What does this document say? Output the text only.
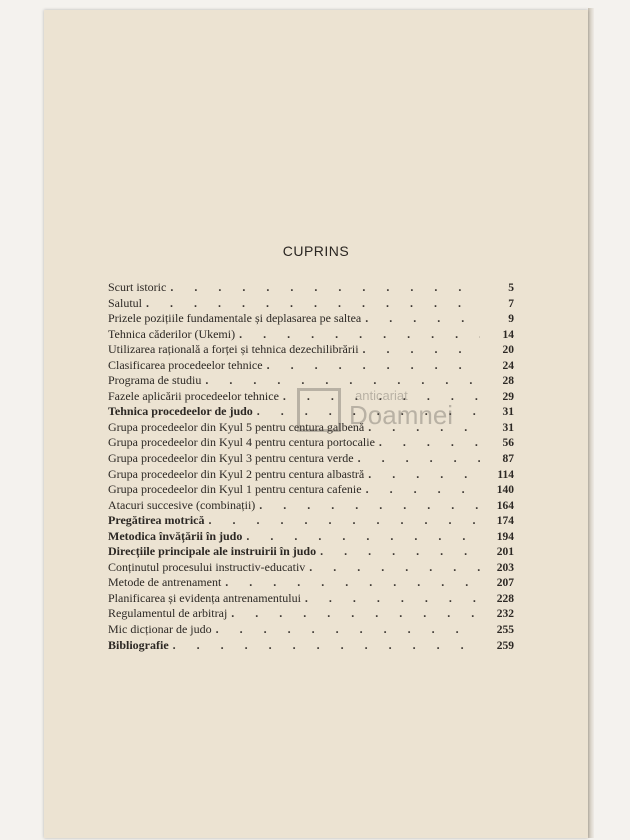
CUPRINS
Scurt istoric . . .	5
Salutul . . .	7
Prizele pozițiile fundamentale și deplasarea pe saltea . . .	9
Tehnica căderilor (Ukemi) . . .	14
Utilizarea rațională a forței și tehnica dezechilibrării . . .	20
Clasificarea procedeelor tehnice . . .	24
Programa de studiu . . .	28
Fazele aplicării procedeelor tehnice . . .	29
Tehnica procedeelor de judo . . .	31
Grupa procedeelor din Kyul 5 pentru centura galbenă . . .	31
Grupa procedeelor din Kyul 4 pentru centura portocalie . . .	56
Grupa procedeelor din Kyul 3 pentru centura verde . . .	87
Grupa procedeelor din Kyul 2 pentru centura albastră . . .	114
Grupa procedeelor din Kyul 1 pentru centura cafenie . . .	140
Atacuri succesive (combinații) . . .	164
Pregătirea motrică . . .	174
Metodica învățării în judo . . .	194
Direcțiile principale ale instruirii în judo . . .	201
Conținutul procesului instructiv-educativ . . .	203
Metode de antrenament . . .	207
Planificarea și evidența antrenamentului . . .	228
Regulamentul de arbitraj . . .	232
Mic dicționar de judo . . .	255
Bibliografie . . .	259
anticariat
Doamnei
